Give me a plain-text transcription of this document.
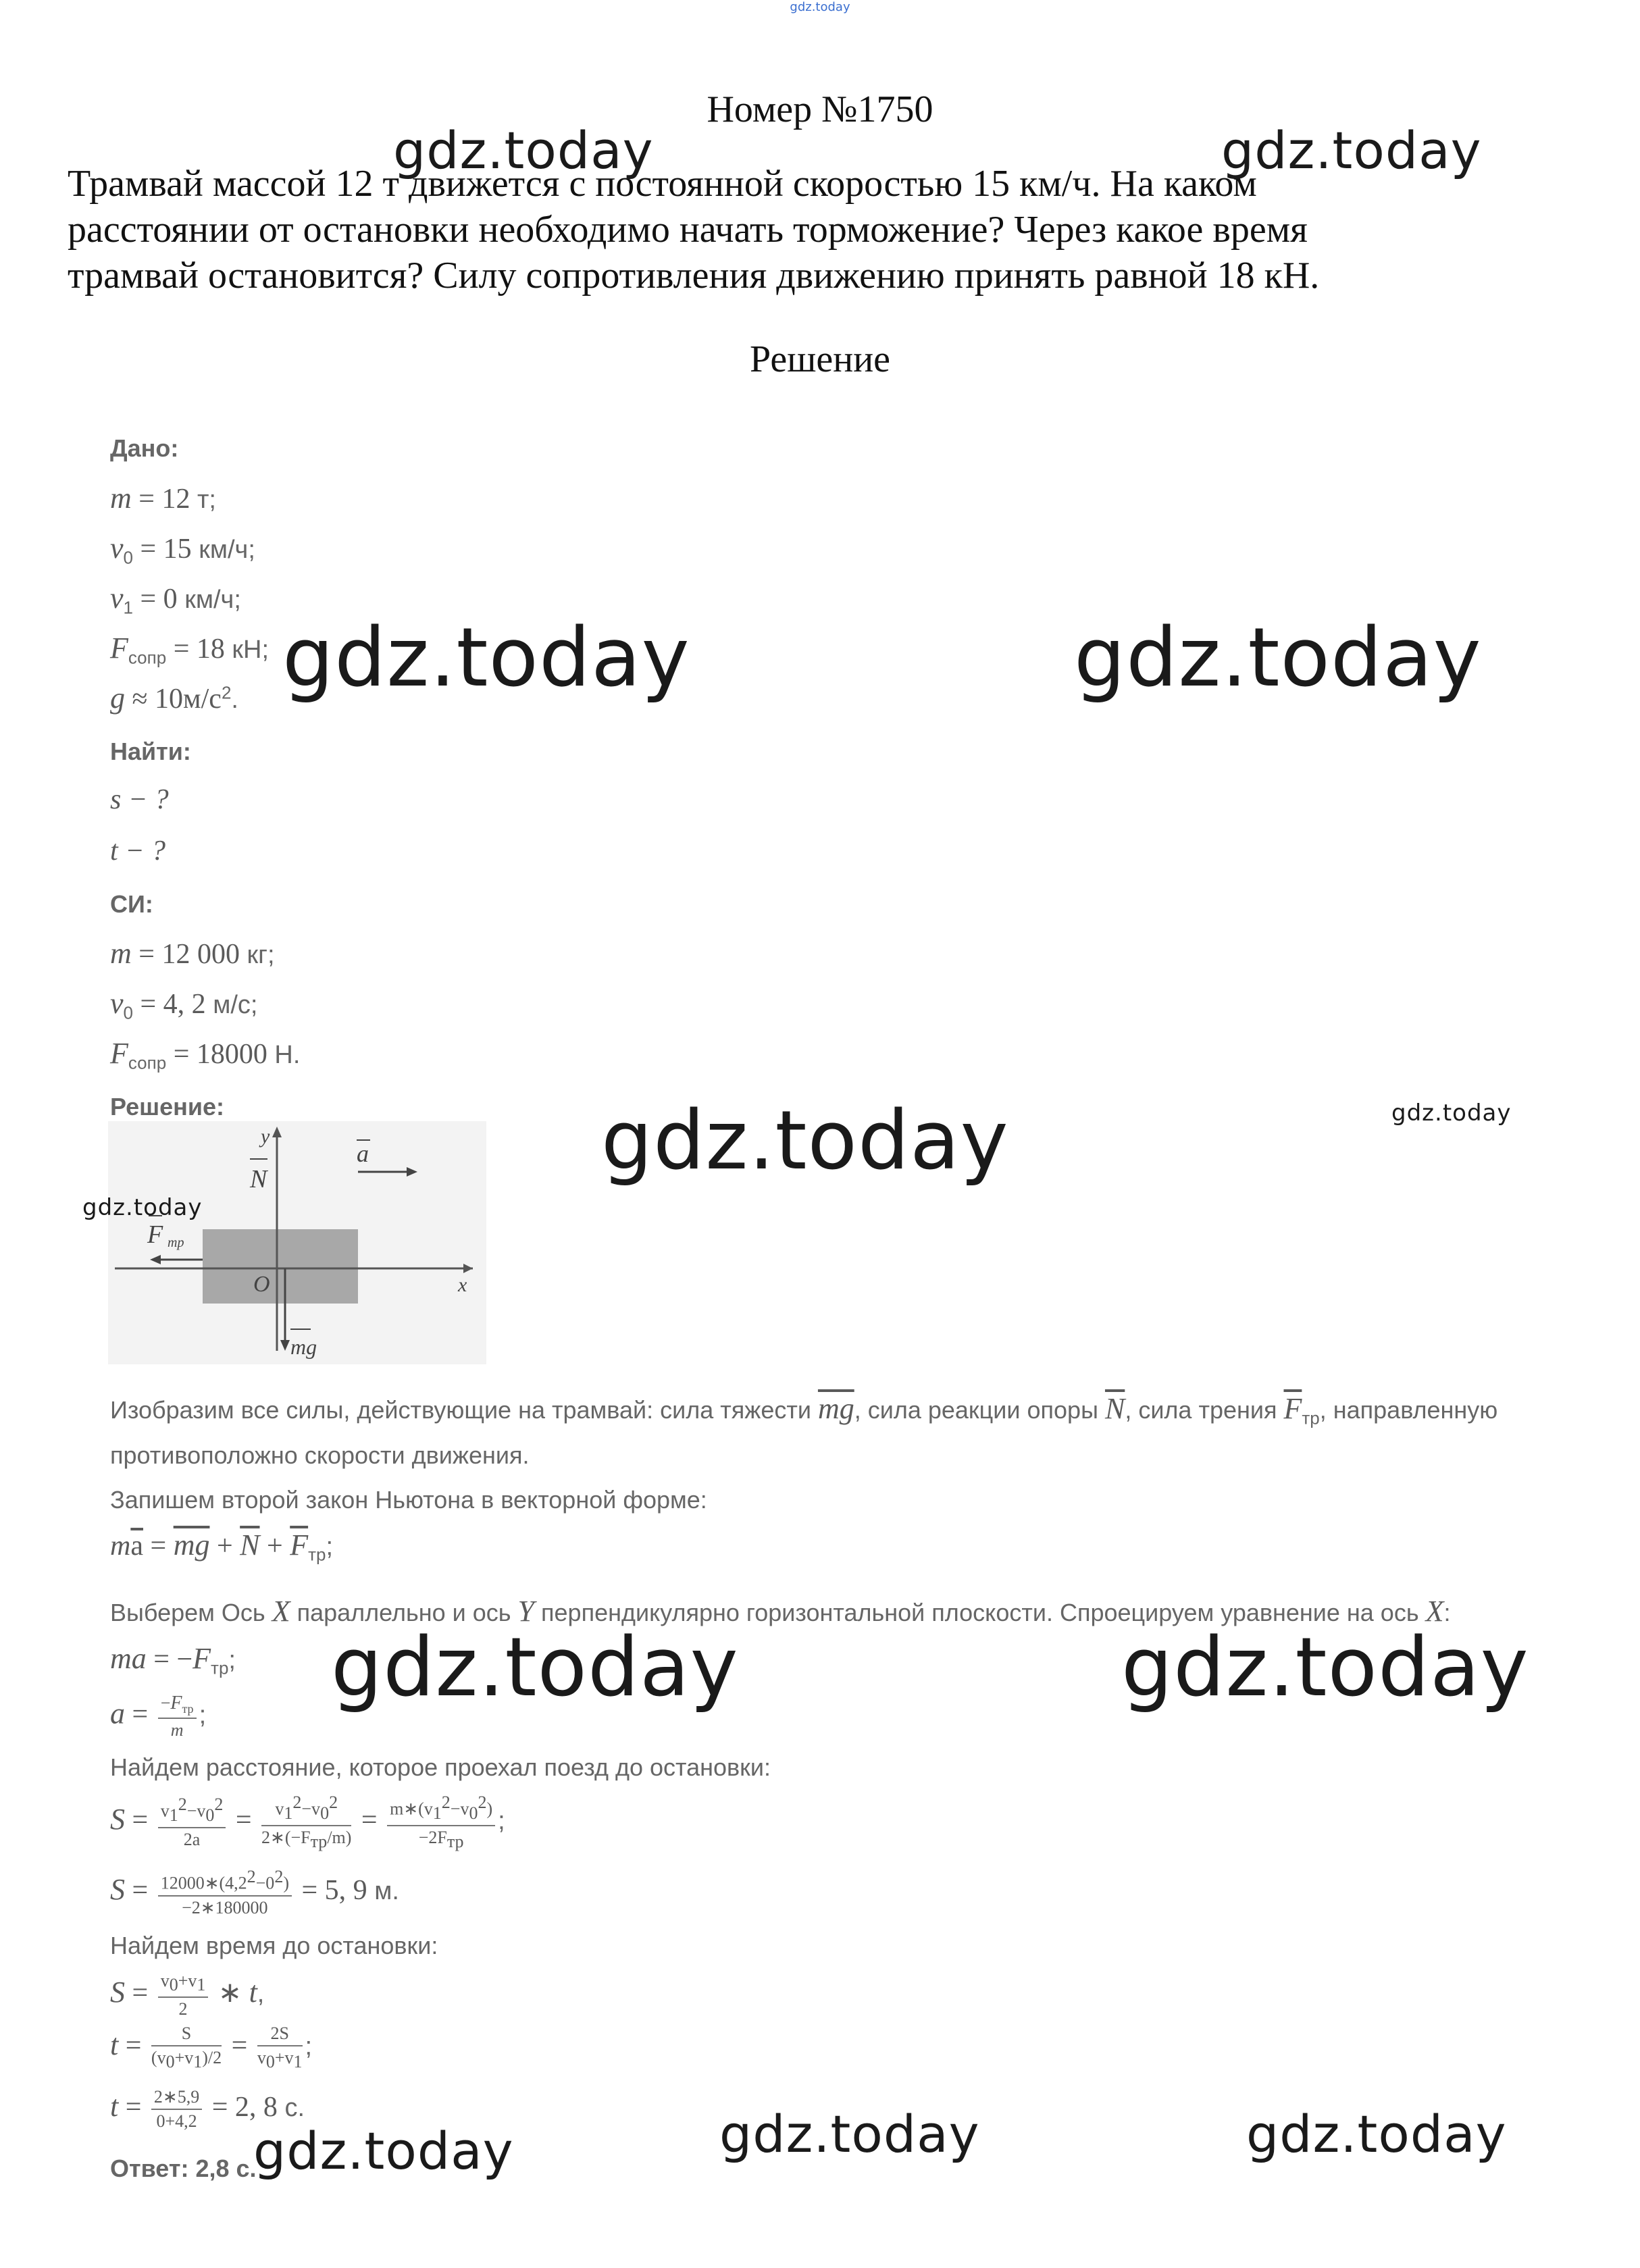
gdz.today
Номер №1750
Трамвай массой 12 т движется с постоянной скоростью 15 км/ч. На каком
расстоянии от остановки необходимо начать торможение? Через какое время
трамвай остановится? Силу сопротивления движению принять равной 18 кН.
Решение
Дано:
m = 12 т;
$v_0 = 15$ км/ч;
$v_1 = 0$ км/ч;
$F_{сопр} = 18$ кН;
$g \approx 10м/с^2$.
Найти:
s − ?
t − ?
СИ:
m = 12 000 кг;
$v_0 = 4$, 2 м/с;
$F_{сопр} = 18000$ Н.
Решение:
y
N
a
F тр
O	x
mg
Изобразим все силы, действующие на трамвай: сила тяжести $\overline{mg}$, сила реакции опоры $\overline{N}$, сила трения $\overline{F}_{тр}$, направленную
противоположно скорости движения.
Запишем второй закон Ньютона в векторной форме:
$m\overline{a} = \overline{mg} + \overline{N} + \overline{F}_{тр}$;
Выберем Ось X параллельно и ось Y перпендикулярно горизонтальной плоскости. Спроецируем уравнение на ось X:
ma = $-F_{тр}$;
$a = \frac{-F_{тр}}{m}$ ;
Найдем расстояние, которое проехал поезд до остановки:
$S = \frac{v_1^2-v_0^2}{2a} = \frac{v_1^2-v_0^2}{2∗(-F_{тр}/m)} = \frac{m∗(v_1^2-v_0^2)}{-2F_{тр}}$ ;
$S = \frac{12000∗(4,2^2-0^2)}{-2∗180000} = 5$, 9 м.
Найдем время до остановки:
$S = \frac{v_0+v_1}{2}$ ∗ t,
$t = \frac{S}{(v_0+v_1)/2} = \frac{2S}{v_0+v_1}$ ;
$t = \frac{2∗5,9}{0+4,2} = 2$, 8 с.
Ответ: 2,8 с.
gdz.today	gdz.today
gdz.today	gdz.today
gdz.today	gdz.today
gdz.today
gdz.today	gdz.today
gdz.today	gdz.today	gdz.today
